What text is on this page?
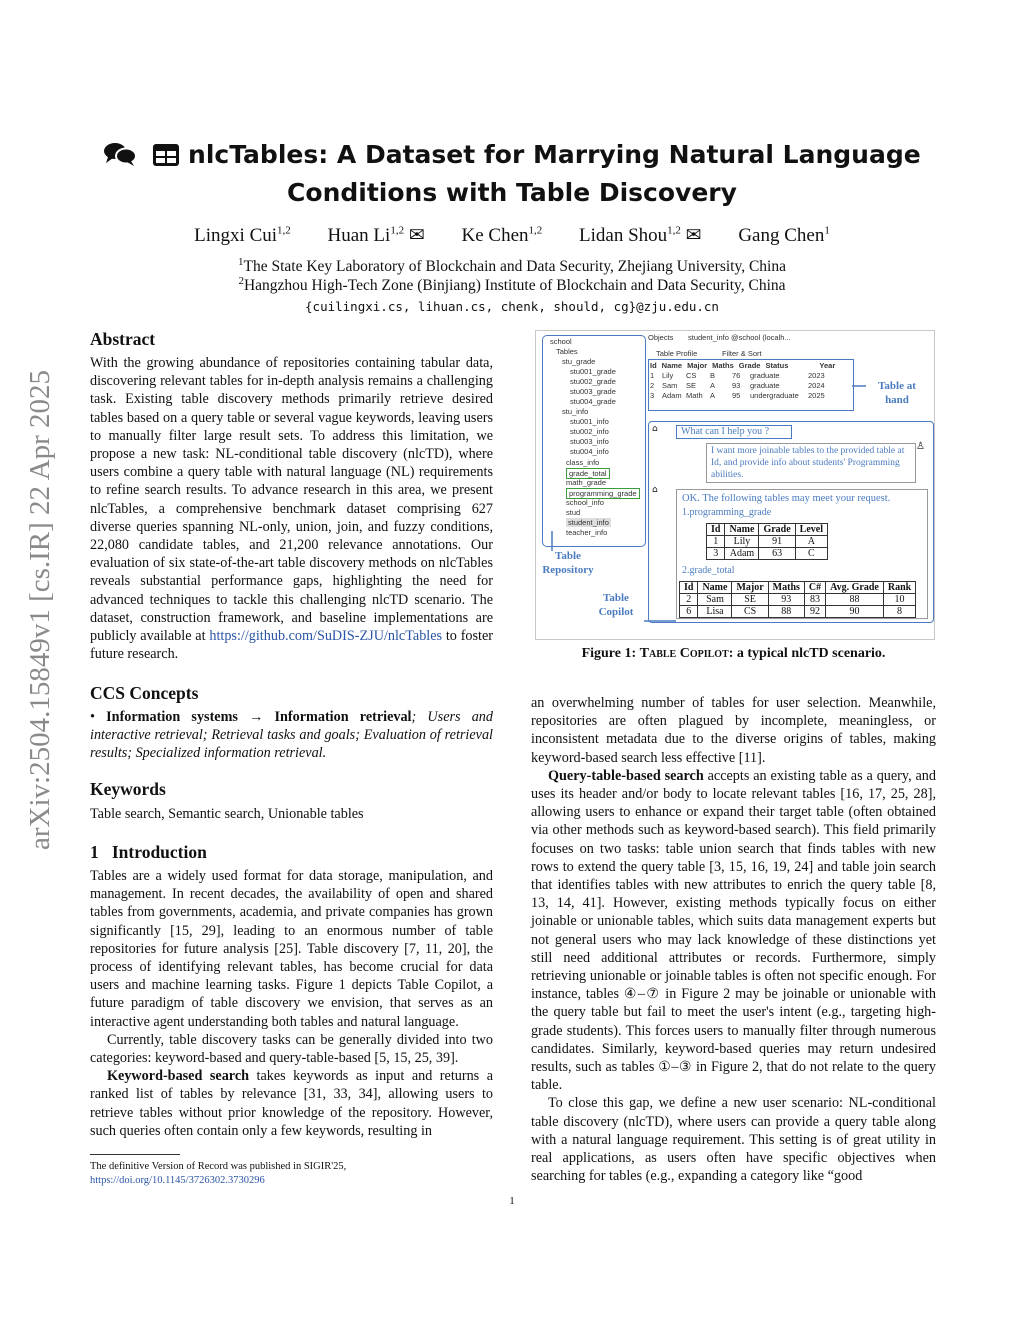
arXiv:2504.15849v1 [cs.IR] 22 Apr 2025
nlcTables: A Dataset for Marrying Natural Language
Conditions with Table Discovery
Lingxi Cui$^{1,2}$ Huan Li$^{1,2}$ ✉ Ke Chen$^{1,2}$ Lidan Shou$^{1,2}$ ✉ Gang Chen$^1$
$^1$The State Key Laboratory of Blockchain and Data Security, Zhejiang University, China
$^2$Hangzhou High-Tech Zone (Binjiang) Institute of Blockchain and Data Security, China
{cuilingxi.cs, lihuan.cs, chenk, should, cg}@zju.edu.cn
Abstract
With the growing abundance of repositories containing tabular data, discovering relevant tables for in-depth analysis remains a challenging task. Existing table discovery methods primarily retrieve desired tables based on a query table or several vague keywords, leaving users to manually filter large result sets. To address this limitation, we propose a new task: NL-conditional table discovery (nlcTD), where users combine a query table with natural language (NL) requirements to refine search results. To advance research in this area, we present nlcTables, a comprehensive benchmark dataset comprising 627 diverse queries spanning NL-only, union, join, and fuzzy conditions, 22,080 candidate tables, and 21,200 relevance annotations. Our evaluation of six state-of-the-art table discovery methods on nlcTables reveals substantial performance gaps, highlighting the need for advanced techniques to tackle this challenging nlcTD scenario. The dataset, construction framework, and baseline implementations are publicly available at https://github.com/SuDIS-ZJU/nlcTables to foster future research.
CCS Concepts
• Information systems → Information retrieval; Users and interactive retrieval; Retrieval tasks and goals; Evaluation of retrieval results; Specialized information retrieval.
Keywords
Table search, Semantic search, Unionable tables
1 Introduction

Tables are a widely used format for data storage, manipulation, and management. In recent decades, the availability of open and shared tables from governments, academia, and private companies has grown significantly [15, 29], leading to an enormous number of table repositories for future analysis [25]. Table discovery [7, 11, 20], the process of identifying relevant tables, has become crucial for data users and machine learning tasks. Figure 1 depicts Table Copilot, a future paradigm of table discovery we envision, that serves as an interactive agent understanding both tables and natural language.

Currently, table discovery tasks can be generally divided into two categories: keyword-based and query-table-based [5, 15, 25, 39].

Keyword-based search takes keywords as input and returns a ranked list of tables by relevance [31, 33, 34], allowing users to retrieve tables without prior knowledge of the repository. However, such queries often contain only a few keywords, resulting in

school
Tables
stu_grade
stu001_grade
stu002_grade
stu003_grade
stu004_grade
stu_info
stu001_info
stu002_info
stu003_info
stu004_info
class_info
grade_total
math_grade
programming_grade
school_info
stud
student_info
teacher_info
Objects student_info @school (localh...
Table Profile	Filter & Sort
Id Name Major Maths Grade Status	Year
1	Lily	CS	B	76	graduate	2023
2	Sam	SE	A	93	graduate	2024
3	Adam Math A	95	undergraduate	2025
Table at hand
⌂	What can I help you ?
I want more joinable tables to the provided table at Id, and provide info about students' Programming abilities.
♙
⌂
OK. The following tables may meet your request.
1.programming_grade
Id	Name	Grade	Level
1	Lily	91	A
3	Adam	63	C
2.grade_total
Id	Name	Major	Maths	C#	Avg. Grade	Rank
2	Sam	SE	93	83	88	10
6	Lisa	CS	88	92	90	8
Table Repository
Table Copilot
Figure 1: Table Copilot: a typical nlcTD scenario.

an overwhelming number of tables for user selection. Meanwhile, repositories are often plagued by incomplete, meaningless, or inconsistent metadata due to the diverse origins of tables, making keyword-based search less effective [11].

Query-table-based search accepts an existing table as a query, and uses its header and/or body to locate relevant tables [16, 17, 25, 28], allowing users to enhance or expand their target table (often obtained via other methods such as keyword-based search). This field primarily focuses on two tasks: table union search that finds tables with new rows to extend the query table [3, 15, 16, 19, 24] and table join search that identifies tables with new attributes to enrich the query table [8, 13, 14, 41]. However, existing methods typically focus on either joinable or unionable tables, which suits data management experts but not general users who may lack knowledge of these distinctions yet still need additional attributes or records. Furthermore, simply retrieving unionable or joinable tables is often not specific enough. For instance, tables ④–⑦ in Figure 2 may be joinable or unionable with the query table but fail to meet the user's intent (e.g., targeting high-grade students). This forces users to manually filter through numerous candidates. Similarly, keyword-based queries may return undesired results, such as tables ①–③ in Figure 2, that do not relate to the query table.

To close this gap, we define a new user scenario: NL-conditional table discovery (nlcTD), where users can provide a query table along with a natural language requirement. This setting is of great utility in real applications, as users often have specific objectives when searching for tables (e.g., expanding a category like “good

The definitive Version of Record was published in SIGIR'25, https://doi.org/10.1145/3726302.3730296
1
